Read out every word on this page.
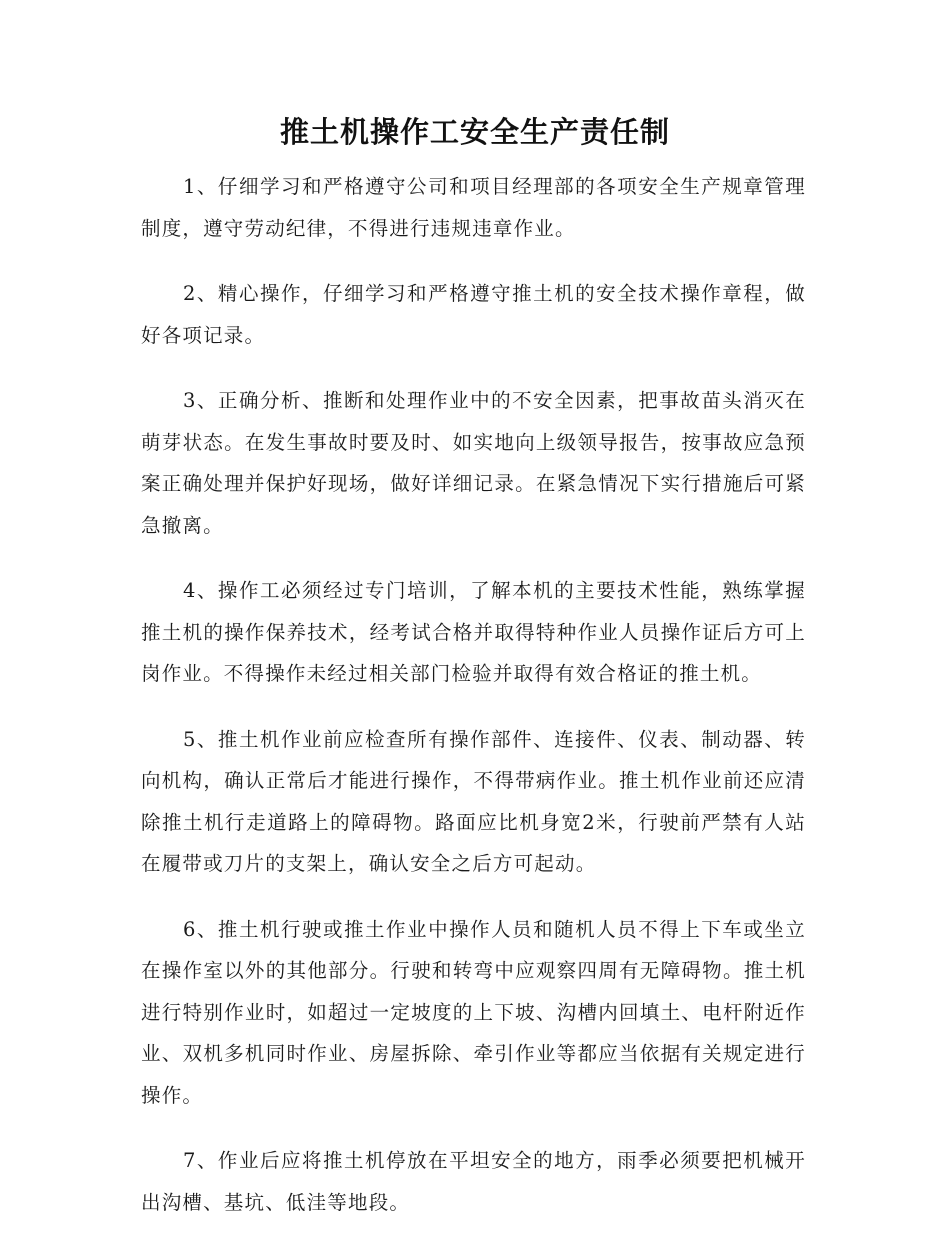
推土机操作工安全生产责任制

1、仔细学习和严格遵守公司和项目经理部的各项安全生产规章管理制度，遵守劳动纪律，不得进行违规违章作业。

2、精心操作，仔细学习和严格遵守推土机的安全技术操作章程，做好各项记录。

3、正确分析、推断和处理作业中的不安全因素，把事故苗头消灭在萌芽状态。在发生事故时要及时、如实地向上级领导报告，按事故应急预案正确处理并保护好现场，做好详细记录。在紧急情况下实行措施后可紧急撤离。

4、操作工必须经过专门培训，了解本机的主要技术性能，熟练掌握推土机的操作保养技术，经考试合格并取得特种作业人员操作证后方可上岗作业。不得操作未经过相关部门检验并取得有效合格证的推土机。

5、推土机作业前应检查所有操作部件、连接件、仪表、制动器、转向机构，确认正常后才能进行操作，不得带病作业。推土机作业前还应清除推土机行走道路上的障碍物。路面应比机身宽2米，行驶前严禁有人站在履带或刀片的支架上，确认安全之后方可起动。

6、推土机行驶或推土作业中操作人员和随机人员不得上下车或坐立在操作室以外的其他部分。行驶和转弯中应观察四周有无障碍物。推土机进行特别作业时，如超过一定坡度的上下坡、沟槽内回填土、电杆附近作业、双机多机同时作业、房屋拆除、牵引作业等都应当依据有关规定进行操作。

7、作业后应将推土机停放在平坦安全的地方，雨季必须要把机械开出沟槽、基坑、低洼等地段。
